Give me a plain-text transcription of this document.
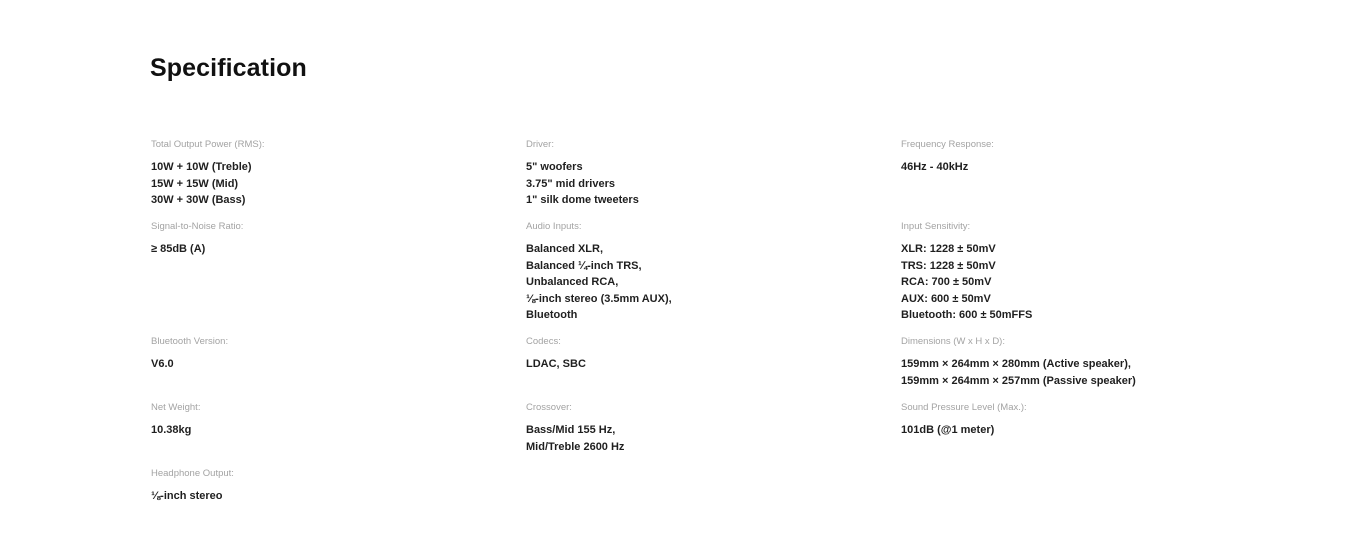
Specification
Total Output Power (RMS):
10W + 10W (Treble)
15W + 15W (Mid)
30W + 30W (Bass)
Driver:
5" woofers
3.75" mid drivers
1" silk dome tweeters
Frequency Response:
46Hz - 40kHz
Signal-to-Noise Ratio:
≥ 85dB (A)
Audio Inputs:
Balanced XLR,
Balanced ¼-inch TRS,
Unbalanced RCA,
⅛-inch stereo (3.5mm AUX),
Bluetooth
Input Sensitivity:
XLR: 1228 ± 50mV
TRS: 1228 ± 50mV
RCA: 700 ± 50mV
AUX: 600 ± 50mV
Bluetooth: 600 ± 50mFFS
Bluetooth Version:
V6.0
Codecs:
LDAC, SBC
Dimensions (W x H x D):
159mm × 264mm × 280mm (Active speaker),
159mm × 264mm × 257mm (Passive speaker)
Net Weight:
10.38kg
Crossover:
Bass/Mid 155 Hz,
Mid/Treble 2600 Hz
Sound Pressure Level (Max.):
101dB (@1 meter)
Headphone Output:
⅛-inch stereo
